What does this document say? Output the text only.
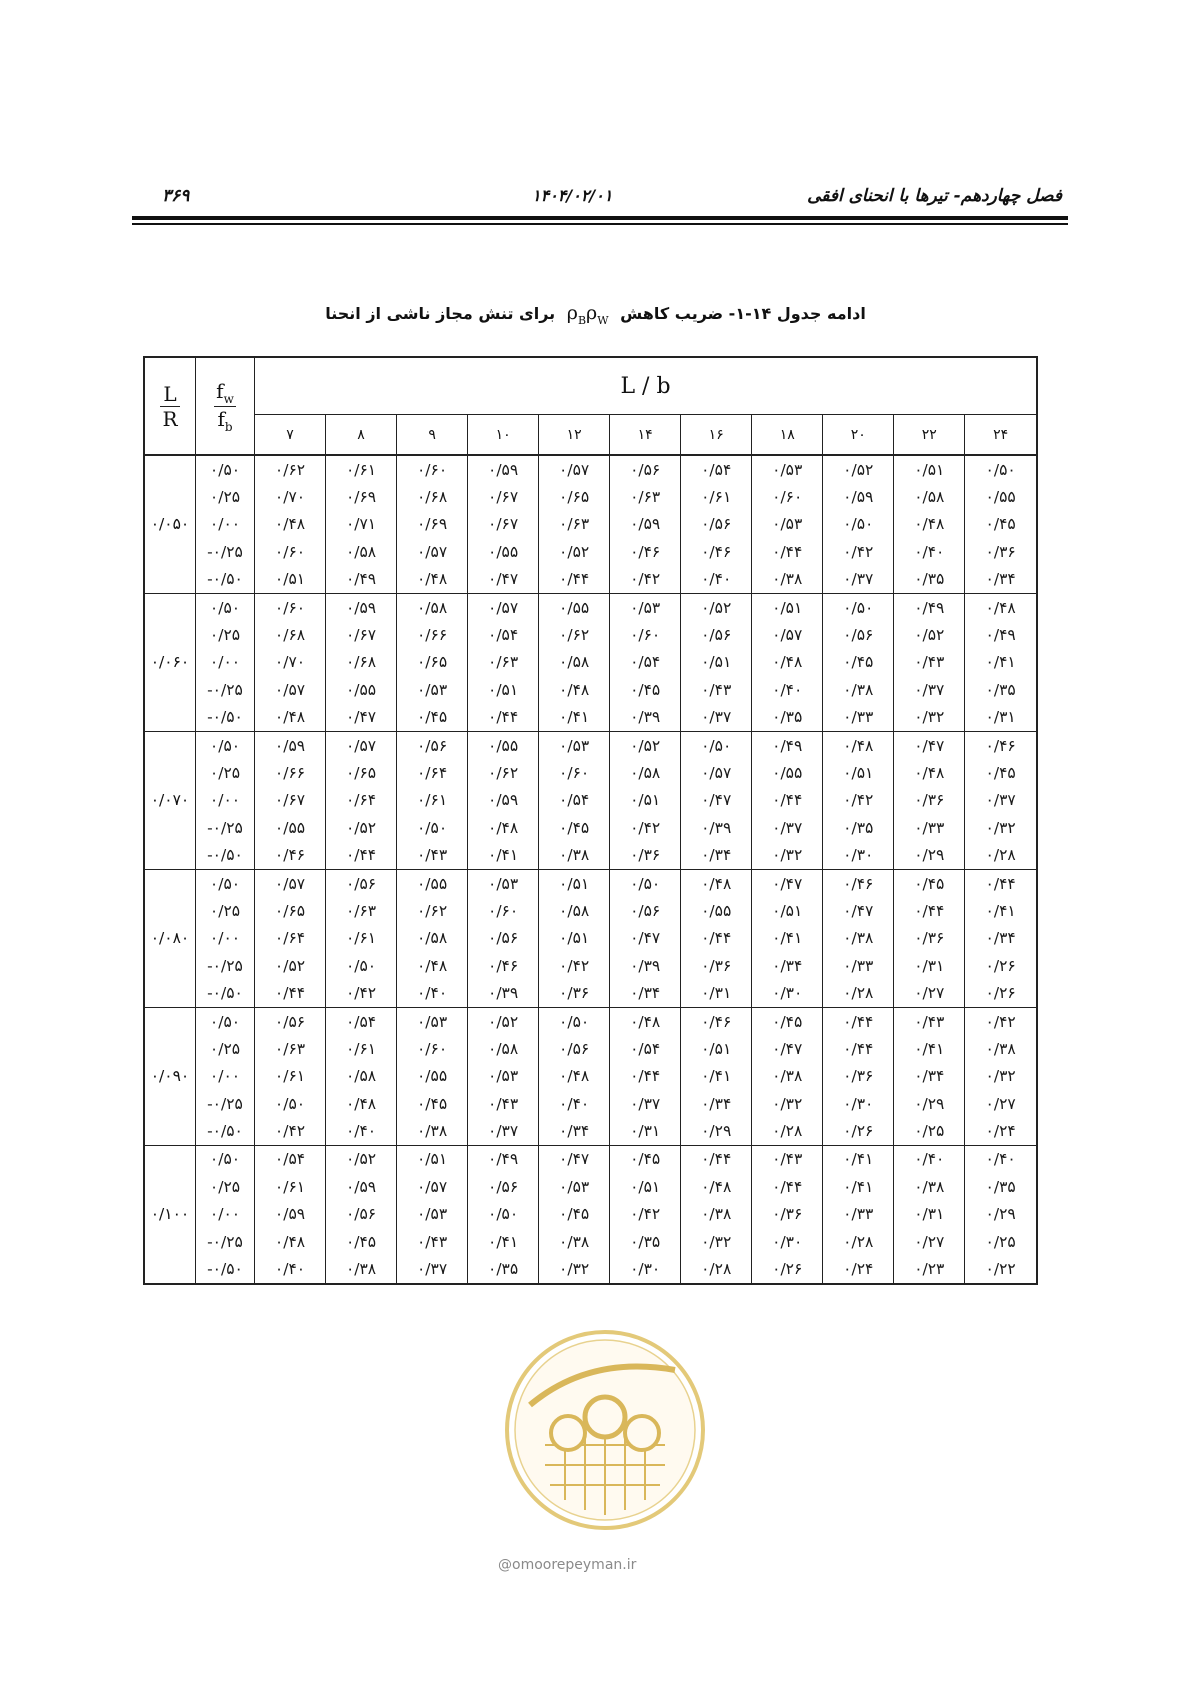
فصل چهاردهم- تیرها با انحنای افقی
۱۴۰۴/۰۲/۰۱
۳۶۹
ادامه جدول ۱۴-۱- ضریب کاهش  $\rho_B\rho_W$  برای تنش مجاز ناشی از انحنا
$\frac{L}{R}$	$\frac{f_w}{f_b}$	L / b										
		۷	۸	۹	۱۰	۱۲	۱۴	۱۶	۱۸	۲۰	۲۲	۲۴
۰/۰۵۰	۰/۵۰	۰/۶۲	۰/۶۱	۰/۶۰	۰/۵۹	۰/۵۷	۰/۵۶	۰/۵۴	۰/۵۳	۰/۵۲	۰/۵۱	۰/۵۰
	۰/۲۵	۰/۷۰	۰/۶۹	۰/۶۸	۰/۶۷	۰/۶۵	۰/۶۳	۰/۶۱	۰/۶۰	۰/۵۹	۰/۵۸	۰/۵۵
	۰/۰۰	۰/۴۸	۰/۷۱	۰/۶۹	۰/۶۷	۰/۶۳	۰/۵۹	۰/۵۶	۰/۵۳	۰/۵۰	۰/۴۸	۰/۴۵
	-۰/۲۵	۰/۶۰	۰/۵۸	۰/۵۷	۰/۵۵	۰/۵۲	۰/۴۶	۰/۴۶	۰/۴۴	۰/۴۲	۰/۴۰	۰/۳۶
	-۰/۵۰	۰/۵۱	۰/۴۹	۰/۴۸	۰/۴۷	۰/۴۴	۰/۴۲	۰/۴۰	۰/۳۸	۰/۳۷	۰/۳۵	۰/۳۴
۰/۰۶۰	۰/۵۰	۰/۶۰	۰/۵۹	۰/۵۸	۰/۵۷	۰/۵۵	۰/۵۳	۰/۵۲	۰/۵۱	۰/۵۰	۰/۴۹	۰/۴۸
	۰/۲۵	۰/۶۸	۰/۶۷	۰/۶۶	۰/۵۴	۰/۶۲	۰/۶۰	۰/۵۶	۰/۵۷	۰/۵۶	۰/۵۲	۰/۴۹
	۰/۰۰	۰/۷۰	۰/۶۸	۰/۶۵	۰/۶۳	۰/۵۸	۰/۵۴	۰/۵۱	۰/۴۸	۰/۴۵	۰/۴۳	۰/۴۱
	-۰/۲۵	۰/۵۷	۰/۵۵	۰/۵۳	۰/۵۱	۰/۴۸	۰/۴۵	۰/۴۳	۰/۴۰	۰/۳۸	۰/۳۷	۰/۳۵
	-۰/۵۰	۰/۴۸	۰/۴۷	۰/۴۵	۰/۴۴	۰/۴۱	۰/۳۹	۰/۳۷	۰/۳۵	۰/۳۳	۰/۳۲	۰/۳۱
۰/۰۷۰	۰/۵۰	۰/۵۹	۰/۵۷	۰/۵۶	۰/۵۵	۰/۵۳	۰/۵۲	۰/۵۰	۰/۴۹	۰/۴۸	۰/۴۷	۰/۴۶
	۰/۲۵	۰/۶۶	۰/۶۵	۰/۶۴	۰/۶۲	۰/۶۰	۰/۵۸	۰/۵۷	۰/۵۵	۰/۵۱	۰/۴۸	۰/۴۵
	۰/۰۰	۰/۶۷	۰/۶۴	۰/۶۱	۰/۵۹	۰/۵۴	۰/۵۱	۰/۴۷	۰/۴۴	۰/۴۲	۰/۳۶	۰/۳۷
	-۰/۲۵	۰/۵۵	۰/۵۲	۰/۵۰	۰/۴۸	۰/۴۵	۰/۴۲	۰/۳۹	۰/۳۷	۰/۳۵	۰/۳۳	۰/۳۲
	-۰/۵۰	۰/۴۶	۰/۴۴	۰/۴۳	۰/۴۱	۰/۳۸	۰/۳۶	۰/۳۴	۰/۳۲	۰/۳۰	۰/۲۹	۰/۲۸
۰/۰۸۰	۰/۵۰	۰/۵۷	۰/۵۶	۰/۵۵	۰/۵۳	۰/۵۱	۰/۵۰	۰/۴۸	۰/۴۷	۰/۴۶	۰/۴۵	۰/۴۴
	۰/۲۵	۰/۶۵	۰/۶۳	۰/۶۲	۰/۶۰	۰/۵۸	۰/۵۶	۰/۵۵	۰/۵۱	۰/۴۷	۰/۴۴	۰/۴۱
	۰/۰۰	۰/۶۴	۰/۶۱	۰/۵۸	۰/۵۶	۰/۵۱	۰/۴۷	۰/۴۴	۰/۴۱	۰/۳۸	۰/۳۶	۰/۳۴
	-۰/۲۵	۰/۵۲	۰/۵۰	۰/۴۸	۰/۴۶	۰/۴۲	۰/۳۹	۰/۳۶	۰/۳۴	۰/۳۳	۰/۳۱	۰/۲۶
	-۰/۵۰	۰/۴۴	۰/۴۲	۰/۴۰	۰/۳۹	۰/۳۶	۰/۳۴	۰/۳۱	۰/۳۰	۰/۲۸	۰/۲۷	۰/۲۶
۰/۰۹۰	۰/۵۰	۰/۵۶	۰/۵۴	۰/۵۳	۰/۵۲	۰/۵۰	۰/۴۸	۰/۴۶	۰/۴۵	۰/۴۴	۰/۴۳	۰/۴۲
	۰/۲۵	۰/۶۳	۰/۶۱	۰/۶۰	۰/۵۸	۰/۵۶	۰/۵۴	۰/۵۱	۰/۴۷	۰/۴۴	۰/۴۱	۰/۳۸
	۰/۰۰	۰/۶۱	۰/۵۸	۰/۵۵	۰/۵۳	۰/۴۸	۰/۴۴	۰/۴۱	۰/۳۸	۰/۳۶	۰/۳۴	۰/۳۲
	-۰/۲۵	۰/۵۰	۰/۴۸	۰/۴۵	۰/۴۳	۰/۴۰	۰/۳۷	۰/۳۴	۰/۳۲	۰/۳۰	۰/۲۹	۰/۲۷
	-۰/۵۰	۰/۴۲	۰/۴۰	۰/۳۸	۰/۳۷	۰/۳۴	۰/۳۱	۰/۲۹	۰/۲۸	۰/۲۶	۰/۲۵	۰/۲۴
۰/۱۰۰	۰/۵۰	۰/۵۴	۰/۵۲	۰/۵۱	۰/۴۹	۰/۴۷	۰/۴۵	۰/۴۴	۰/۴۳	۰/۴۱	۰/۴۰	۰/۴۰
	۰/۲۵	۰/۶۱	۰/۵۹	۰/۵۷	۰/۵۶	۰/۵۳	۰/۵۱	۰/۴۸	۰/۴۴	۰/۴۱	۰/۳۸	۰/۳۵
	۰/۰۰	۰/۵۹	۰/۵۶	۰/۵۳	۰/۵۰	۰/۴۵	۰/۴۲	۰/۳۸	۰/۳۶	۰/۳۳	۰/۳۱	۰/۲۹
	-۰/۲۵	۰/۴۸	۰/۴۵	۰/۴۳	۰/۴۱	۰/۳۸	۰/۳۵	۰/۳۲	۰/۳۰	۰/۲۸	۰/۲۷	۰/۲۵
	-۰/۵۰	۰/۴۰	۰/۳۸	۰/۳۷	۰/۳۵	۰/۳۲	۰/۳۰	۰/۲۸	۰/۲۶	۰/۲۴	۰/۲۳	۰/۲۲
@omoorepeyman.ir
